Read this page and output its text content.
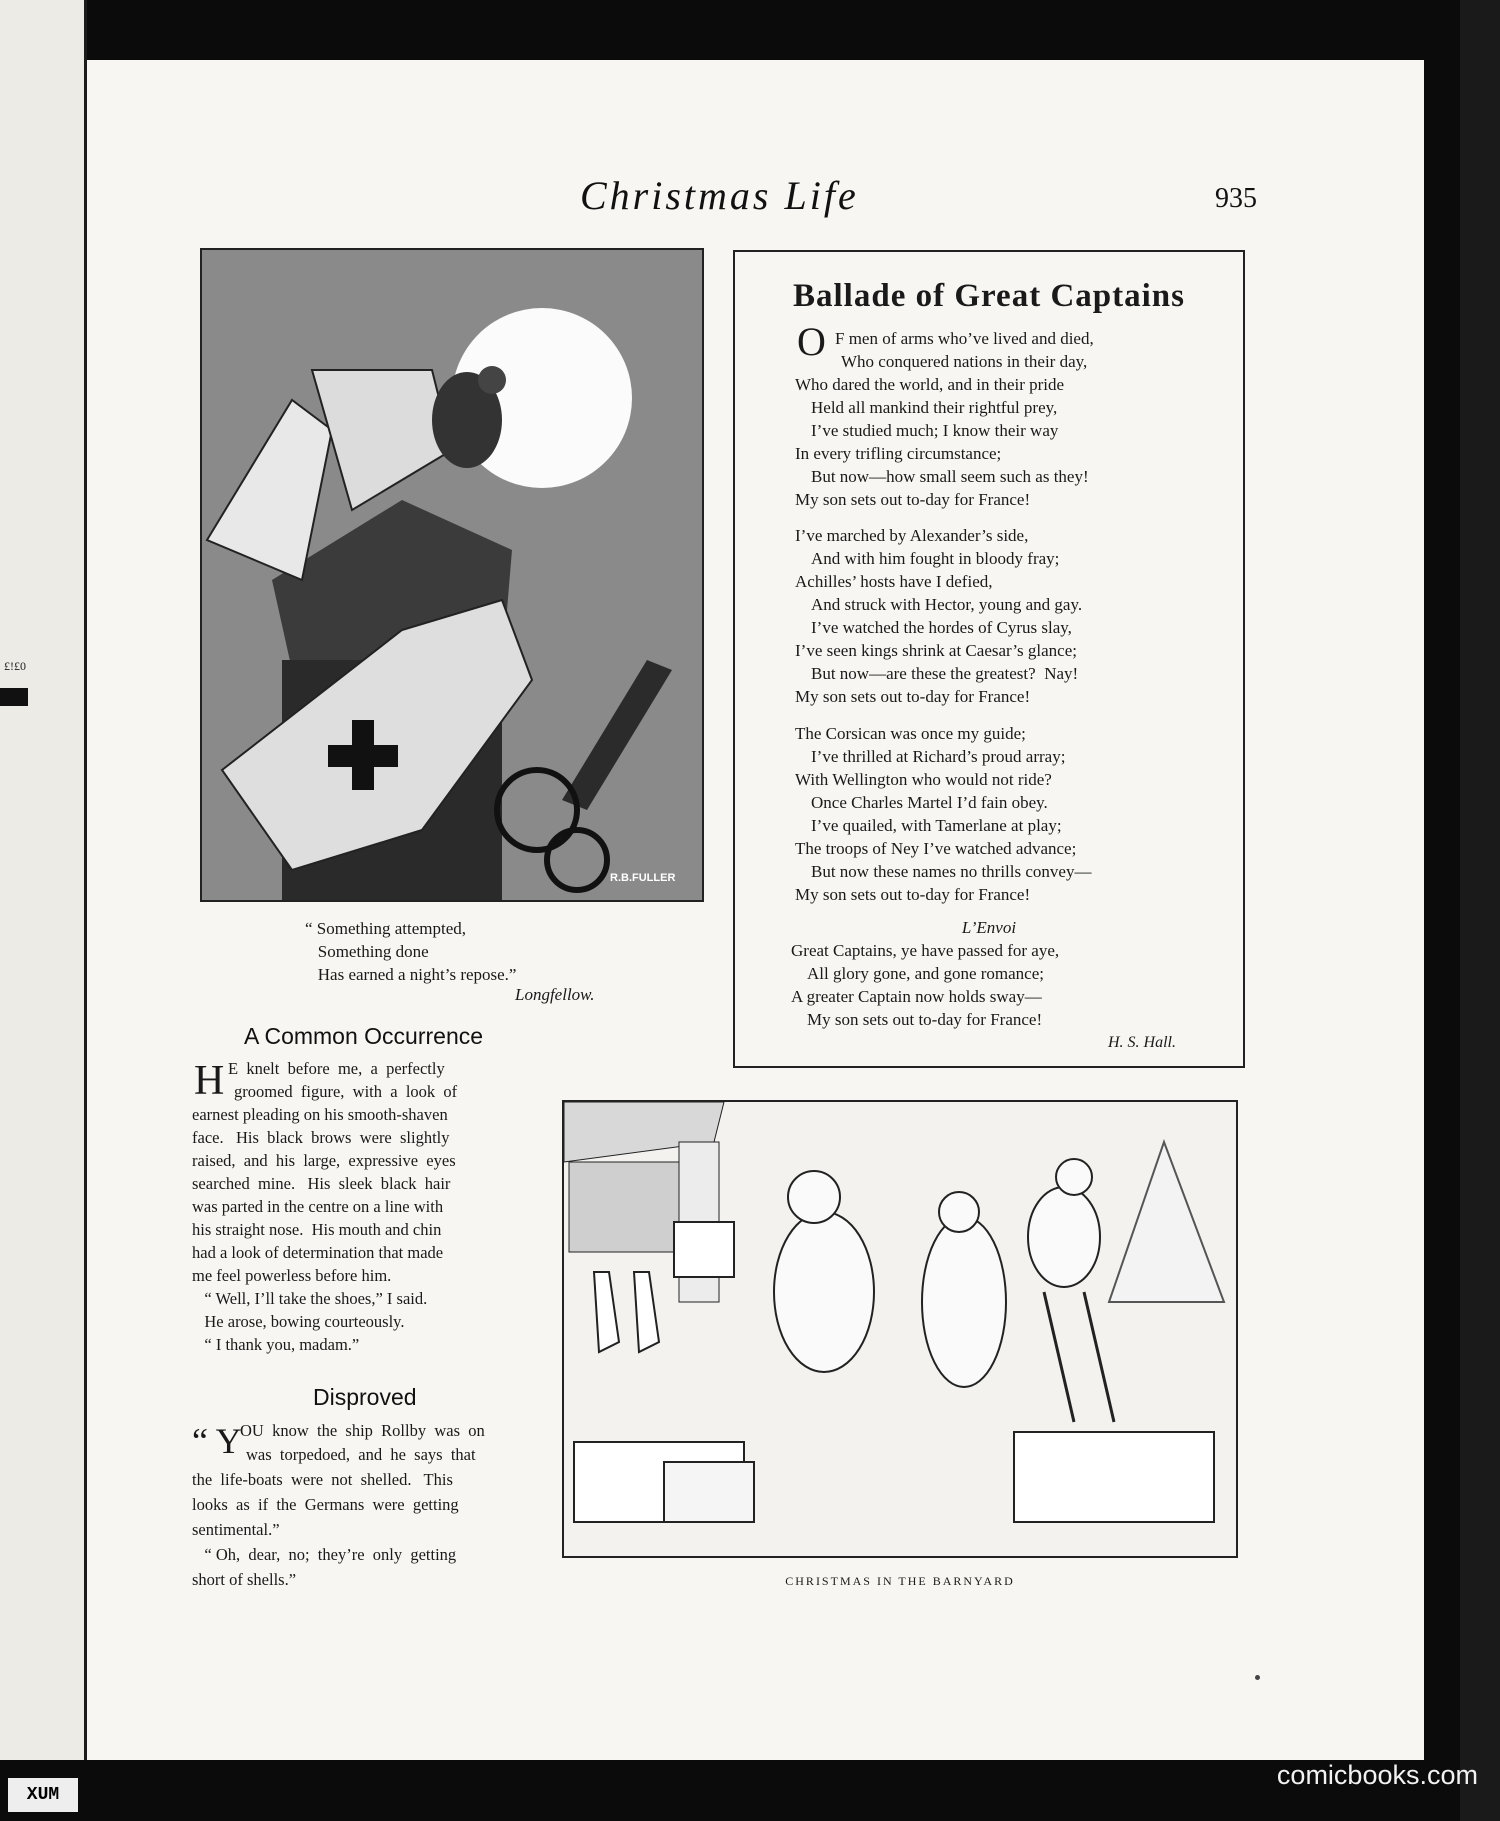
£!£0
Christmas Life	935
R.B.FULLER
“ Something attempted,
Something done
Has earned a night’s repose.”
Longfellow.
Ballade of Great Captains
O F men of arms who’ve lived and died,
Who conquered nations in their day,
Who dared the world, and in their pride
Held all mankind their rightful prey,
I’ve studied much; I know their way
In every trifling circumstance;
But now—how small seem such as they!
My son sets out to-day for France!
I’ve marched by Alexander’s side,
And with him fought in bloody fray;
Achilles’ hosts have I defied,
And struck with Hector, young and gay.
I’ve watched the hordes of Cyrus slay,
I’ve seen kings shrink at Caesar’s glance;
But now—are these the greatest?  Nay!
My son sets out to-day for France!
The Corsican was once my guide;
I’ve thrilled at Richard’s proud array;
With Wellington who would not ride?
Once Charles Martel I’d fain obey.
I’ve quailed, with Tamerlane at play;
The troops of Ney I’ve watched advance;
But now these names no thrills convey—
My son sets out to-day for France!
L’Envoi
Great Captains, ye have passed for aye,
All glory gone, and gone romance;
A greater Captain now holds sway—
My son sets out to-day for France!
H. S. Hall.
A Common Occurrence
H E  knelt  before  me,  a  perfectly
groomed  figure,  with  a  look  of
earnest pleading on his smooth-shaven
face.   His  black  brows  were  slightly
raised,  and  his  large,  expressive  eyes
searched  mine.   His  sleek  black  hair
was parted in the centre on a line with
his straight nose.  His mouth and chin
had a look of determination that made
me feel powerless before him.
“ Well, I’ll take the shoes,” I said.
He arose, bowing courteously.
“ I thank you, madam.”
Disproved
“ Y
OU  know  the  ship  Rollby  was  on
was  torpedoed,  and  he  says  that
the  life-boats  were  not  shelled.   This
looks  as  if  the  Germans  were  getting
sentimental.”
“ Oh,  dear,  no;  they’re  only  getting
short of shells.”	CHRISTMAS IN THE BARNYARD
XUM
comicbooks.com
